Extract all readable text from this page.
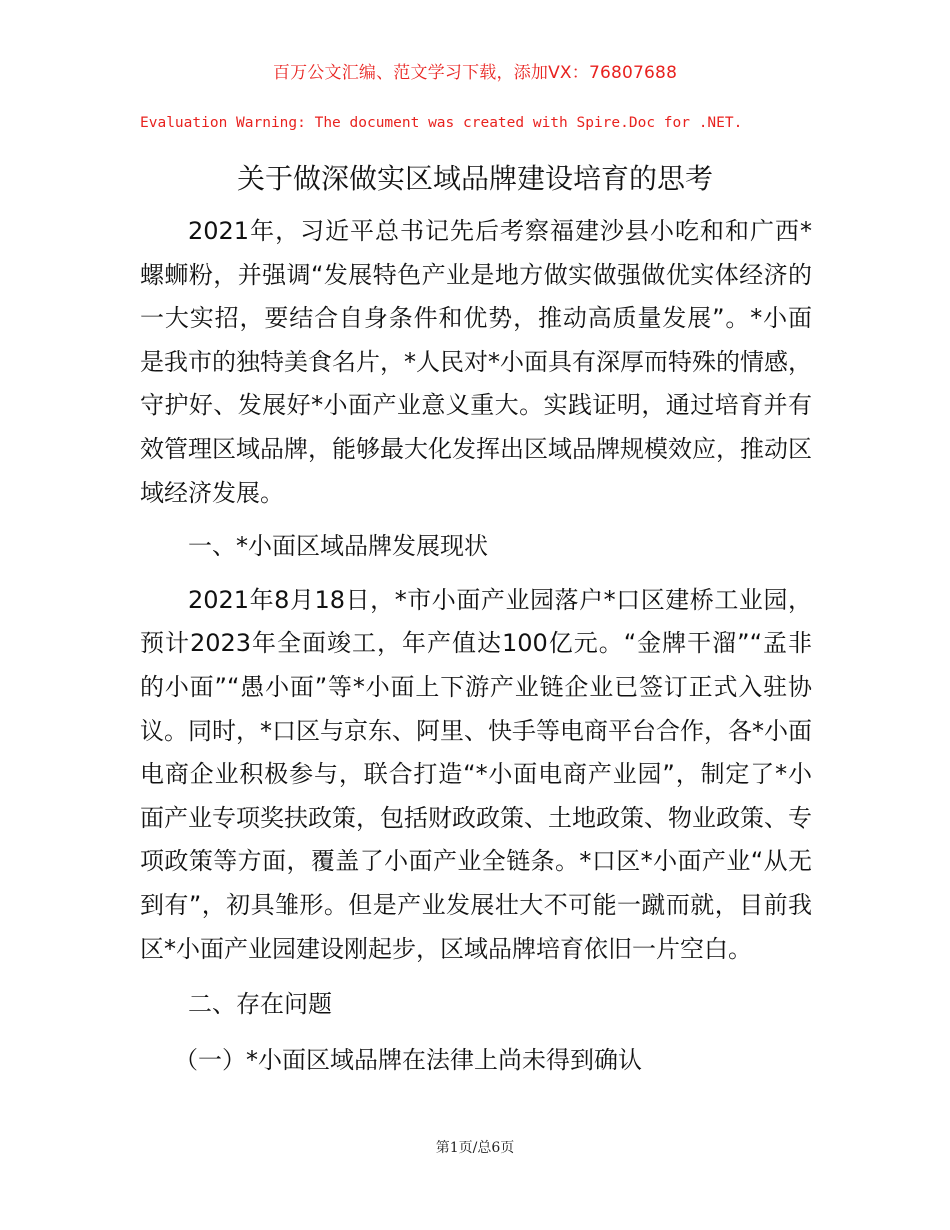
百万公文汇编、范文学习下载，添加VX：76807688
Evaluation Warning: The document was created with Spire.Doc for .NET.
关于做深做实区域品牌建设培育的思考

2021年，习近平总书记先后考察福建沙县小吃和和广西*螺蛳粉，并强调“发展特色产业是地方做实做强做优实体经济的一大实招，要结合自身条件和优势，推动高质量发展”。*小面是我市的独特美食名片，*人民对*小面具有深厚而特殊的情感，守护好、发展好*小面产业意义重大。实践证明，通过培育并有效管理区域品牌，能够最大化发挥出区域品牌规模效应，推动区域经济发展。

一、*小面区域品牌发展现状

2021年8月18日，*市小面产业园落户*口区建桥工业园，预计2023年全面竣工，年产值达100亿元。“金牌干溜”“孟非的小面”“愚小面”等*小面上下游产业链企业已签订正式入驻协议。同时，*口区与京东、阿里、快手等电商平台合作，各*小面电商企业积极参与，联合打造“*小面电商产业园”，制定了*小面产业专项奖扶政策，包括财政政策、土地政策、物业政策、专项政策等方面，覆盖了小面产业全链条。*口区*小面产业“从无到有”，初具雏形。但是产业发展壮大不可能一蹴而就，目前我区*小面产业园建设刚起步，区域品牌培育依旧一片空白。

二、存在问题

（一）*小面区域品牌在法律上尚未得到确认

第1页/总6页
